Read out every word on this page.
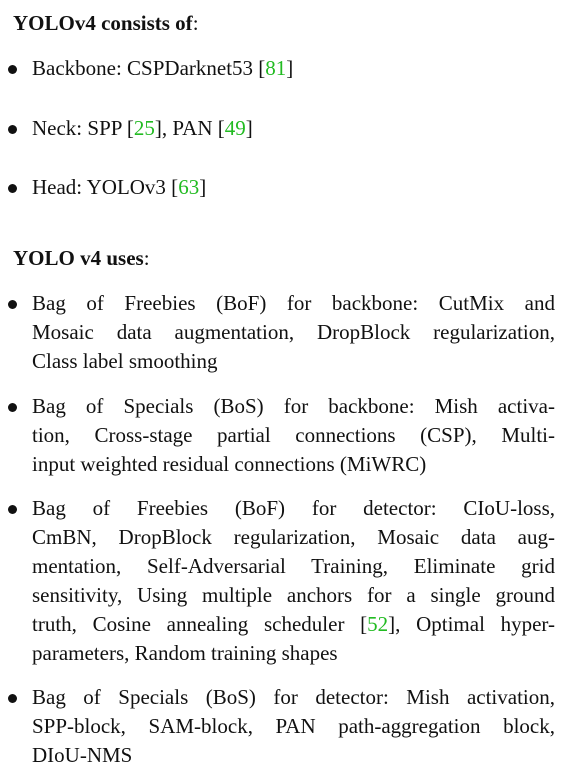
YOLOv4 consists of:
Backbone: CSPDarknet53 [81]
Neck: SPP [25], PAN [49]
Head: YOLOv3 [63]
YOLO v4 uses:
Bag of Freebies (BoF) for backbone: CutMix and
Mosaic data augmentation, DropBlock regularization,
Class label smoothing
Bag of Specials (BoS) for backbone: Mish activa-
tion, Cross-stage partial connections (CSP), Multi-
input weighted residual connections (MiWRC)
Bag of Freebies (BoF) for detector: CIoU-loss,
CmBN, DropBlock regularization, Mosaic data aug-
mentation, Self-Adversarial Training, Eliminate grid
sensitivity, Using multiple anchors for a single ground
truth, Cosine annealing scheduler [52], Optimal hyper-
parameters, Random training shapes
Bag of Specials (BoS) for detector: Mish activation,
SPP-block, SAM-block, PAN path-aggregation block,
DIoU-NMS
